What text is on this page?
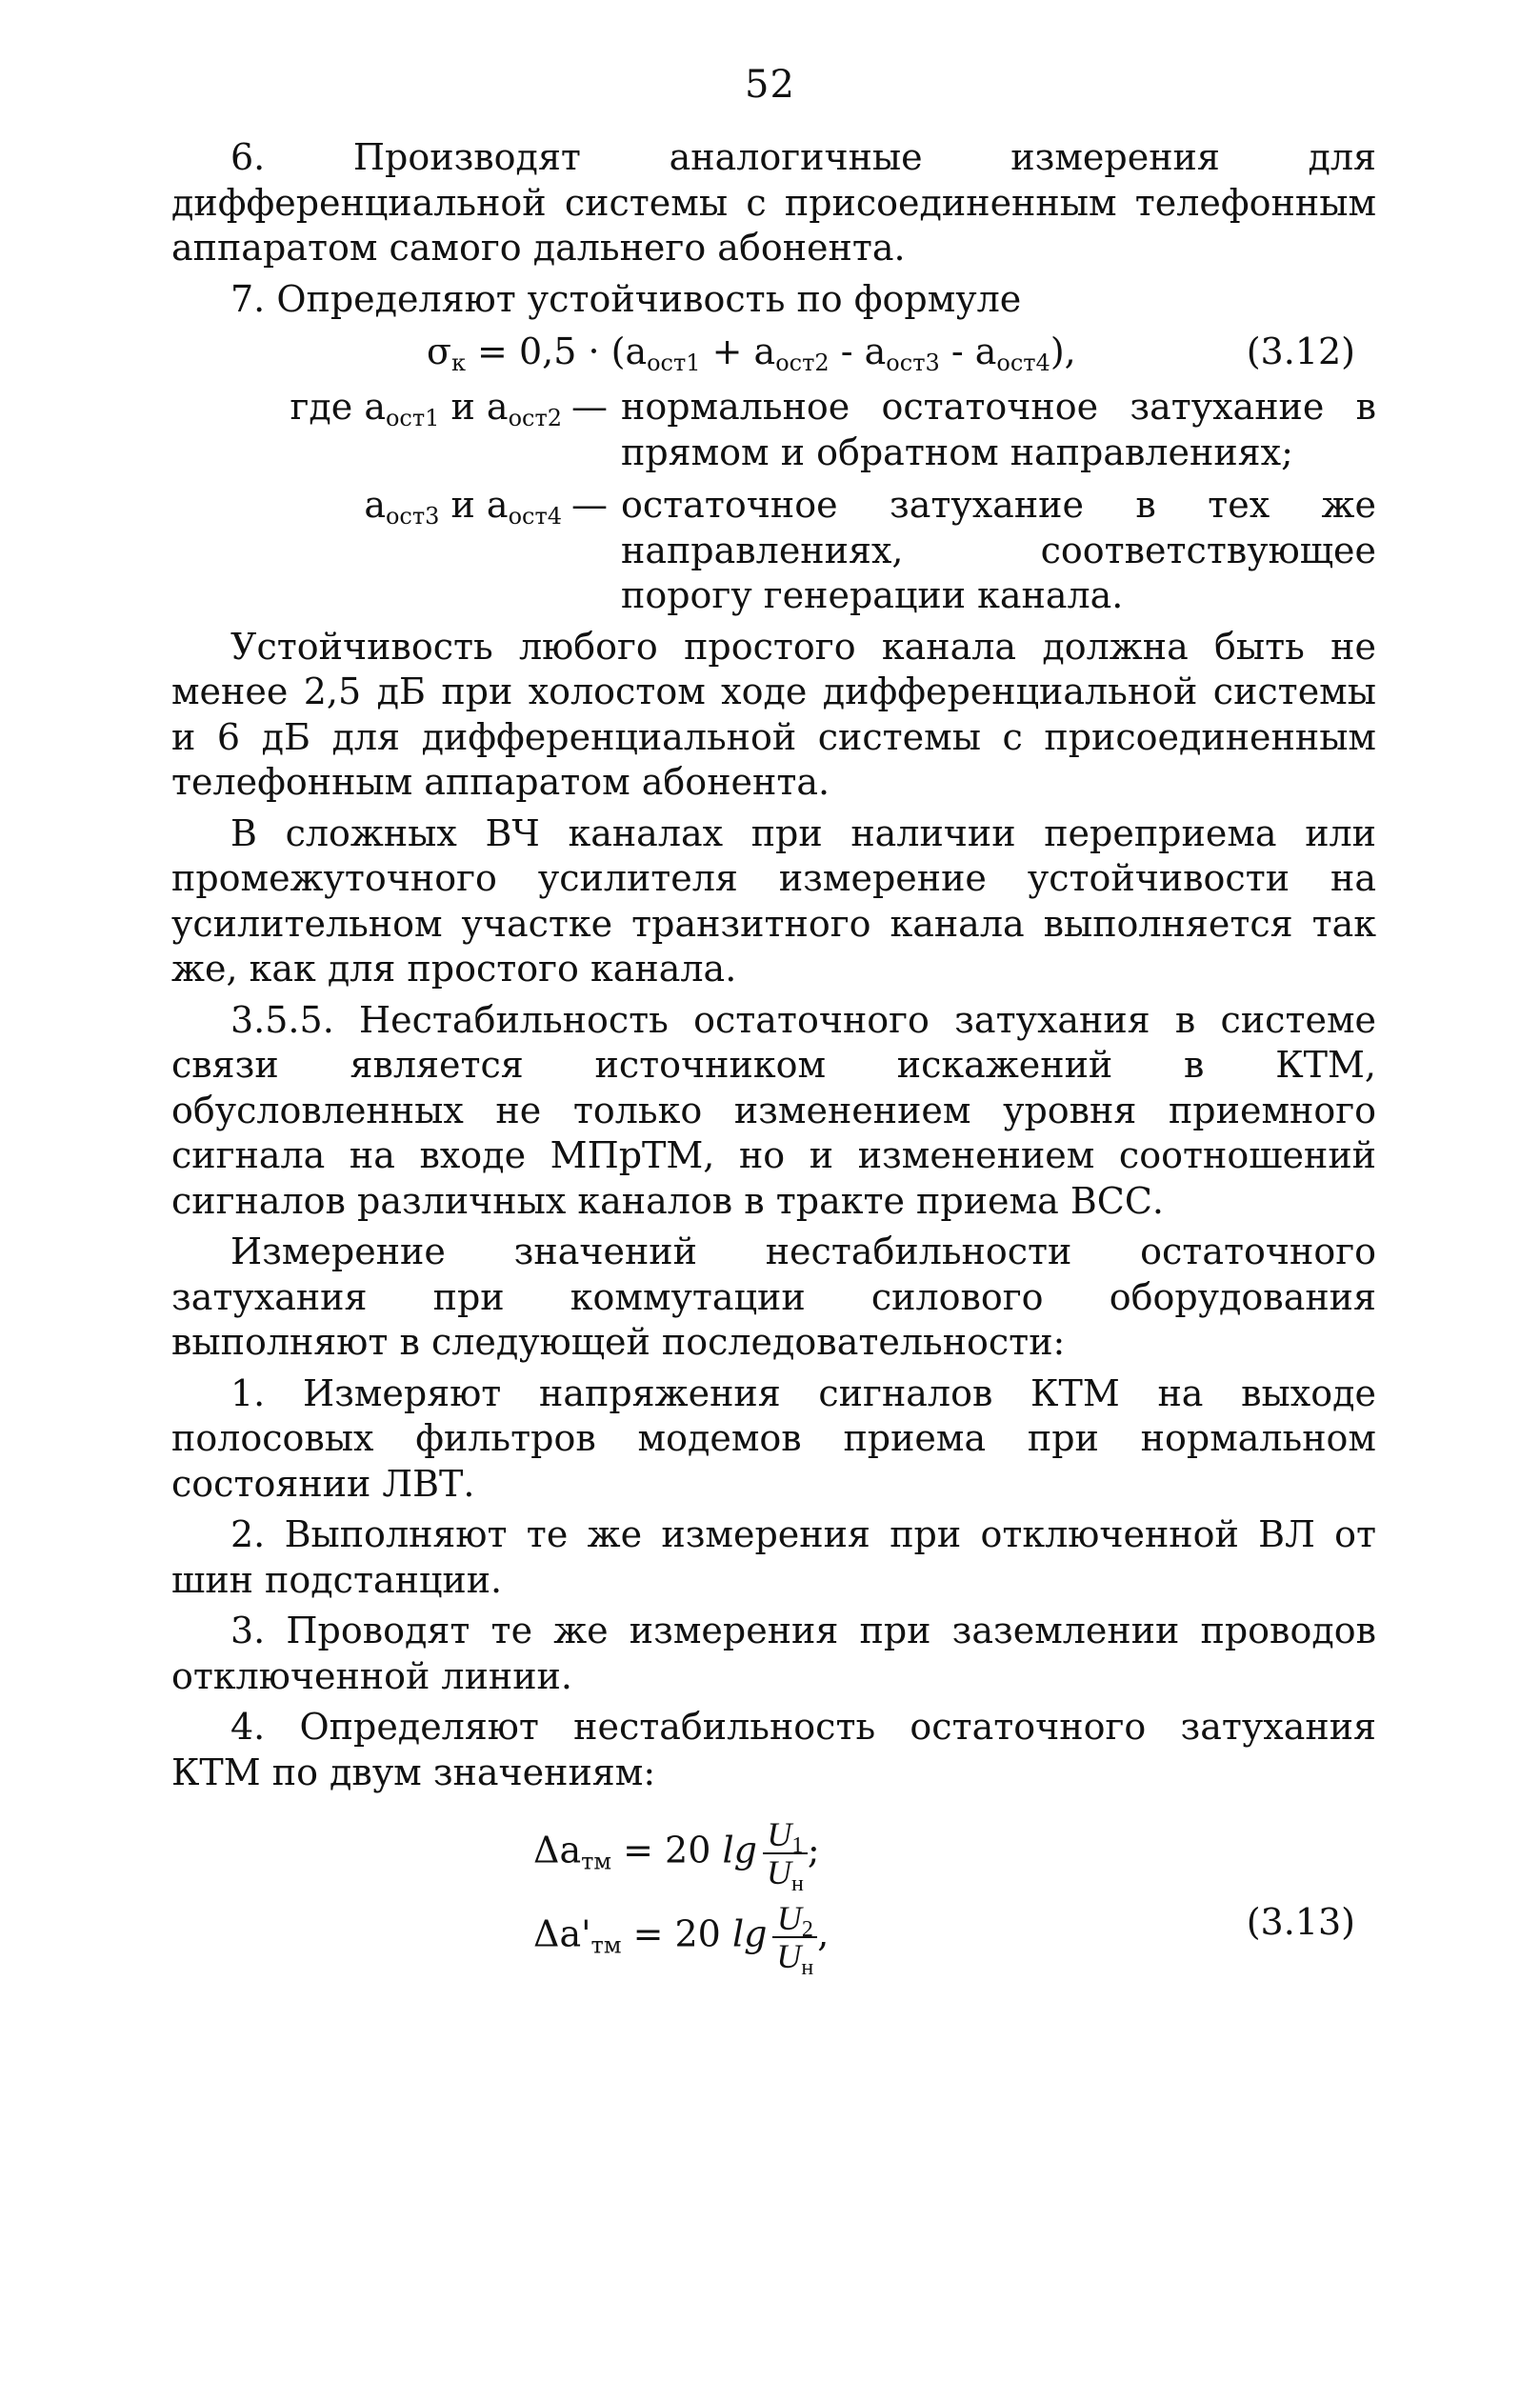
52

6. Производят аналогичные измерения для дифференциальной системы с присоединенным телефонным аппаратом самого дальнего абонента.

7. Определяют устойчивость по формуле

$\sigma_к = 0,5 \cdot (a_{ост1} + a_{ост2} - a_{ост3} - a_{ост4})$,	(3.12)
где $a_{ост1}$ и $a_{ост2}$ — нормальное остаточное затухание в прямом и обратном направлениях;
$a_{ост3}$ и $a_{ост4}$ — остаточное затухание в тех же направлениях, соответствующее порогу генерации канала.

Устойчивость любого простого канала должна быть не менее 2,5 дБ при холостом ходе дифференциальной системы и 6 дБ для дифференциальной системы с присоединенным телефонным аппаратом абонента.

В сложных ВЧ каналах при наличии переприема или промежуточного усилителя измерение устойчивости на усилительном участке транзитного канала выполняется так же, как для простого канала.

3.5.5. Нестабильность остаточного затухания в системе связи является источником искажений в КТМ, обусловленных не только изменением уровня приемного сигнала на входе МПрТМ, но и изменением соотношений сигналов различных каналов в тракте приема ВСС.

Измерение значений нестабильности остаточного затухания при коммутации силового оборудования выполняют в следующей последовательности:

1. Измеряют напряжения сигналов КТМ на выходе полосовых фильтров модемов приема при нормальном состоянии ЛВТ.

2. Выполняют те же измерения при отключенной ВЛ от шин подстанции.

3. Проводят те же измерения при заземлении проводов отключенной линии.

4. Определяют нестабильность остаточного затухания КТМ по двум значениям:

$\Delta a_{тм} = 20$ $\lg \frac{U_1}{U_н}$ ;
$\Delta a'_{тм} = 20$ $\lg \frac{U_2}{U_н}$ ,	(3.13)
